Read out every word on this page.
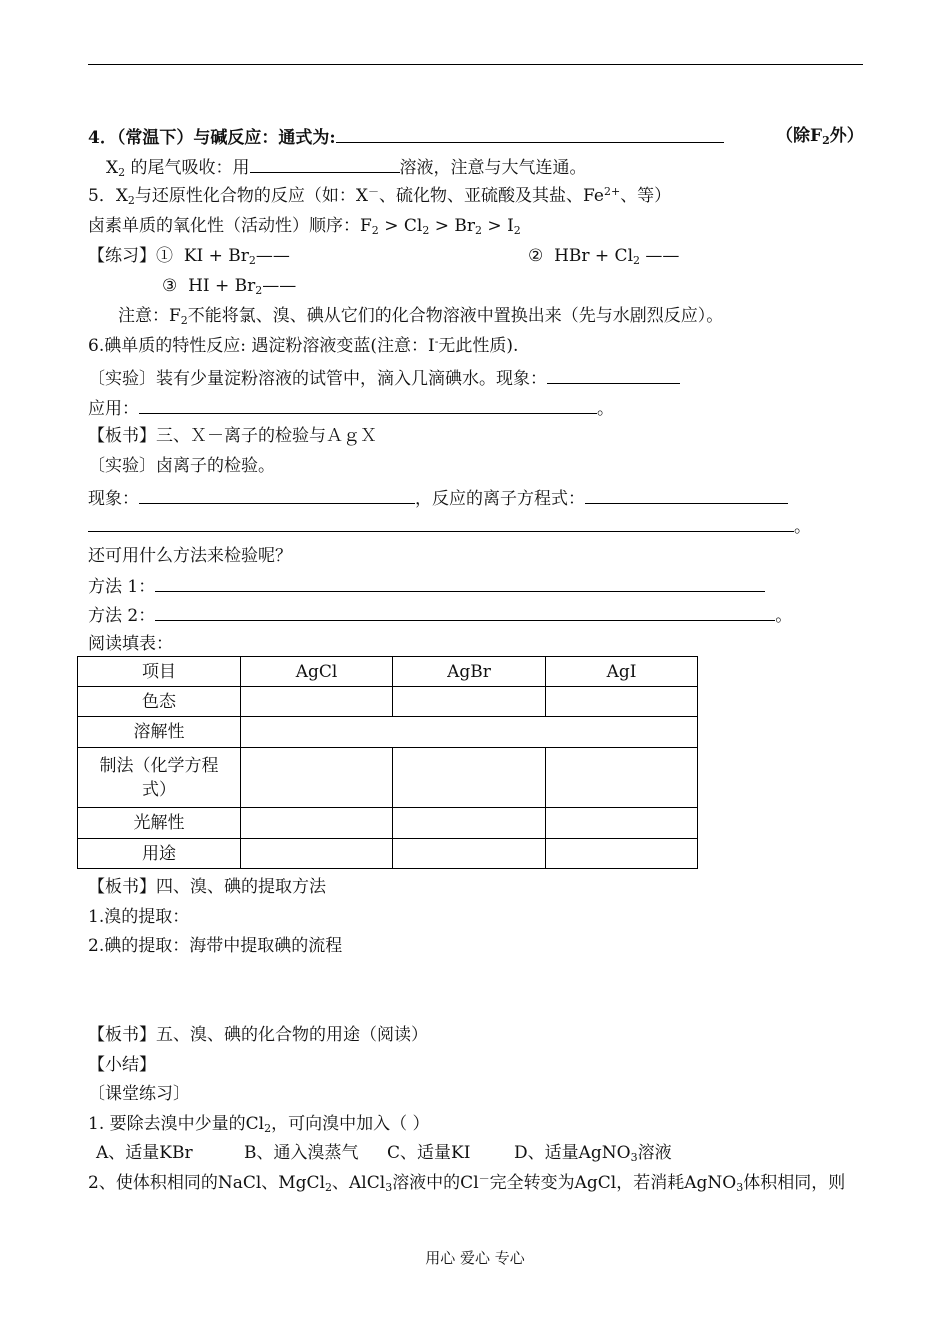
4．（常温下）与碱反应：通式为:	（除$F_2$外）
$X_2$ 的尾气吸收：用	溶液，注意与大气连通。
5．$X_2$与还原性化合物的反应（如：X－、硫化物、亚硫酸及其盐、$Fe^{2+}$、等）
卤素单质的氧化性（活动性）顺序：$F_2 > Cl_2 > Br_2 > I_2$
【练习】① KI + $Br_2——$	② HBr + $Cl_2$ ——
③ HI + $Br_2——$
注意：$F_2$不能将氯、溴、碘从它们的化合物溶液中置换出来（先与水剧烈反应）。
6.碘单质的特性反应: 遇淀粉溶液变蓝(注意：I-无此性质).
〔实验〕装有少量淀粉溶液的试管中，滴入几滴碘水。现象：
应用：	。
【板书】三、Ｘ－离子的检验与ＡｇＸ
〔实验〕卤离子的检验。
现象：	，反应的离子方程式：
。
还可用什么方法来检验呢？
方法 1：
方法 2：	。
阅读填表：
项目	AgCl	AgBr	AgI
色态			
溶解性			
制法（化学方程式）			
光解性			
用途			
【板书】四、溴、碘的提取方法
1.溴的提取：
2.碘的提取：海带中提取碘的流程
【板书】五、溴、碘的化合物的用途（阅读）
【小结】
〔课堂练习〕
1. 要除去溴中少量的$Cl_2$，可向溴中加入（ ）
A、适量KBr	B、通入溴蒸气 C、适量KI	D、适量AgNO$_3$溶液
2、使体积相同的NaCl、MgCl$_2$、AlCl$_3$溶液中的Cl－完全转变为AgCl，若消耗AgNO$_3$体积相同，则
用心 爱心 专心
